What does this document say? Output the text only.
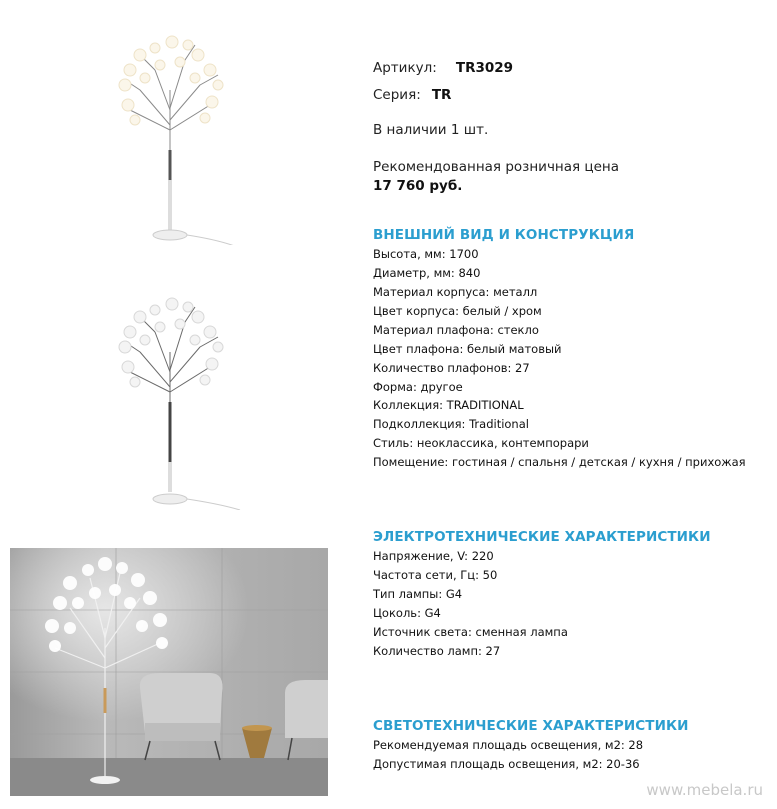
Артикул: TR3029
Серия: TR
В наличии 1 шт.
Рекомендованная розничная цена
17 760 руб.
ВНЕШНИЙ ВИД И КОНСТРУКЦИЯ
Высота, мм: 1700
Диаметр, мм: 840
Материал корпуса: металл
Цвет корпуса: белый / хром
Материал плафона: стекло
Цвет плафона: белый матовый
Количество плафонов: 27
Форма: другое
Коллекция: TRADITIONAL
Подколлекция: Traditional
Стиль: неоклассика, контемпорари
Помещение: гостиная / спальня / детская / кухня / прихожая
ЭЛЕКТРОТЕХНИЧЕСКИЕ ХАРАКТЕРИСТИКИ
Напряжение, V: 220
Частота сети, Гц: 50
Тип лампы: G4
Цоколь: G4
Источник света: сменная лампа
Количество ламп: 27
СВЕТОТЕХНИЧЕСКИЕ ХАРАКТЕРИСТИКИ
Рекомендуемая площадь освещения, м2: 28
Допустимая площадь освещения, м2: 20-36
www.mebela.ru
